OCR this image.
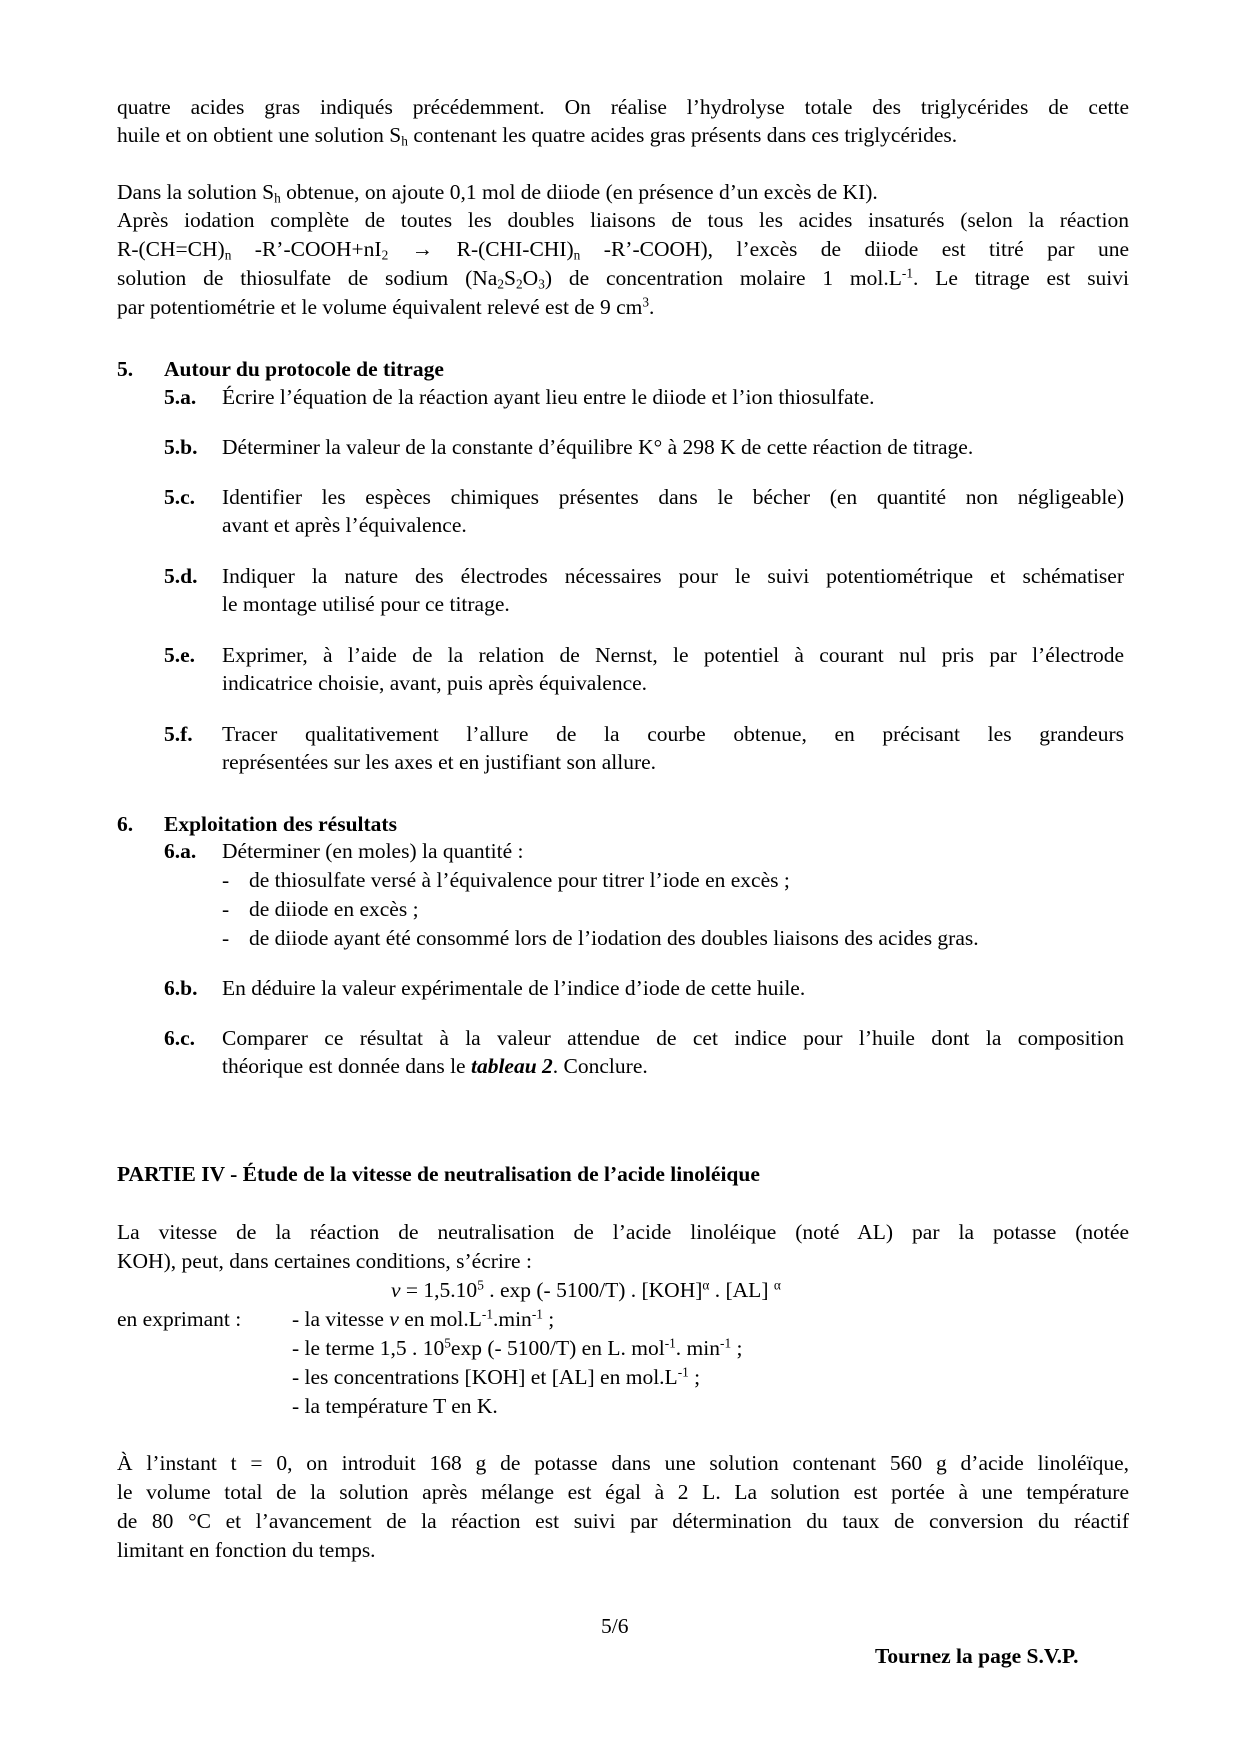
quatre acides gras indiqués précédemment. On réalise l’hydrolyse totale des triglycérides de cette
huile et on obtient une solution $S_h$ contenant les quatre acides gras présents dans ces triglycérides.
Dans la solution $S_h$ obtenue, on ajoute 0,1 mol de diiode (en présence d’un excès de KI).
Après iodation complète de toutes les doubles liaisons de tous les acides insaturés (selon la réaction
$R-(CH=CH)_n$ $-R’-COOH+nI_2 \to R-(CHI-CHI)_n$ -R’-COOH), l’excès de diiode est titré par une
solution de thiosulfate de sodium $(Na_2S_2O_3)$ de concentration molaire 1 $mol.L^{-1}$. Le titrage est suivi
par potentiométrie et le volume équivalent relevé est de 9 $cm^3$.
5. Autour du protocole de titrage
5.a. Écrire l’équation de la réaction ayant lieu entre le diiode et l’ion thiosulfate.
5.b. Déterminer la valeur de la constante d’équilibre K° à 298 K de cette réaction de titrage.
5.c. Identifier les espèces chimiques présentes dans le bécher (en quantité non négligeable)
avant et après l’équivalence.
5.d. Indiquer la nature des électrodes nécessaires pour le suivi potentiométrique et schématiser
le montage utilisé pour ce titrage.
5.e. Exprimer, à l’aide de la relation de Nernst, le potentiel à courant nul pris par l’électrode
indicatrice choisie, avant, puis après équivalence.
5.f. Tracer qualitativement l’allure de la courbe obtenue, en précisant les grandeurs
représentées sur les axes et en justifiant son allure.
6. Exploitation des résultats
6.a. Déterminer (en moles) la quantité :
- de thiosulfate versé à l’équivalence pour titrer l’iode en excès ;
- de diiode en excès ;
- de diiode ayant été consommé lors de l’iodation des doubles liaisons des acides gras.
6.b. En déduire la valeur expérimentale de l’indice d’iode de cette huile.
6.c. Comparer ce résultat à la valeur attendue de cet indice pour l’huile dont la composition
théorique est donnée dans le tableau 2. Conclure.
PARTIE IV - Étude de la vitesse de neutralisation de l’acide linoléique
La vitesse de la réaction de neutralisation de l’acide linoléique (noté AL) par la potasse (notée
KOH), peut, dans certaines conditions, s’écrire :
$v = 1,5.10^5$ . exp (- 5100/T) . [KOH]$^\alpha$ . [AL] $^\alpha$
en exprimant : - la vitesse v en $mol.L^{-1}.\min^{-1}$ ;
- le terme 1,5 . $10^5\exp$ (- 5100/T) en L. mol$^{-1}$. $\min^{-1}$ ;
- les concentrations [KOH] et [AL] en $mol.L^{-1}$ ;
- la température T en K.
À l’instant t = 0, on introduit 168 g de potasse dans une solution contenant 560 g d’acide linoléïque,
le volume total de la solution après mélange est égal à 2 L. La solution est portée à une température
de 80 °C et l’avancement de la réaction est suivi par détermination du taux de conversion du réactif
limitant en fonction du temps.
5/6
Tournez la page S.V.P.
